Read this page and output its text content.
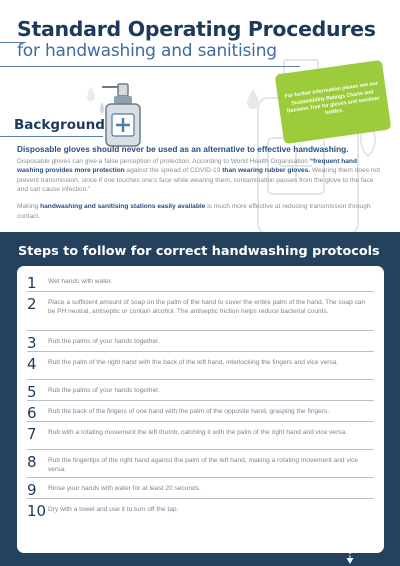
Standard Operating Procedures
for handwashing and sanitising
For further information please see our Sustainability Ratings Charts and Decision Tree for gloves and sanitiser bottles.
Background
Disposable gloves should never be used as an alternative to effective handwashing.

Disposable gloves can give a false perception of protection. According to World Health Organisation “frequent hand washing provides more protection against the spread of COVID-19 than wearing rubber gloves. Wearing them does not prevent transmission, since if one touches one’s face while wearing them, contamination passes from the glove to the face and can cause infection.”

Making handwashing and sanitising stations easily available is much more effective at reducing transmission through contact.

Steps to follow for correct handwashing protocols
1 Wet hands with water.
2 Place a sufficient amount of soap on the palm of the hand to cover the entire palm of the hand. The soap can be PH neutral, antiseptic or contain alcohol. The antiseptic friction helps reduce bacterial counts.
3 Rub the palms of your hands together.
4 Rub the palm of the right hand with the back of the left hand, interlocking the fingers and vice versa.
5 Rub the palms of your hands together.
6 Rub the back of the fingers of one hand with the palm of the opposite hand, grasping the fingers.
7 Rub with a rotating movement the left thumb, catching it with the palm of the right hand and vice versa.
8 Rub the fingertips of the right hand against the palm of the left hand, making a rotating movement and vice versa.
9 Rinse your hands with water for at least 20 seconds.
10 Dry with a towel and use it to turn off the tap.
